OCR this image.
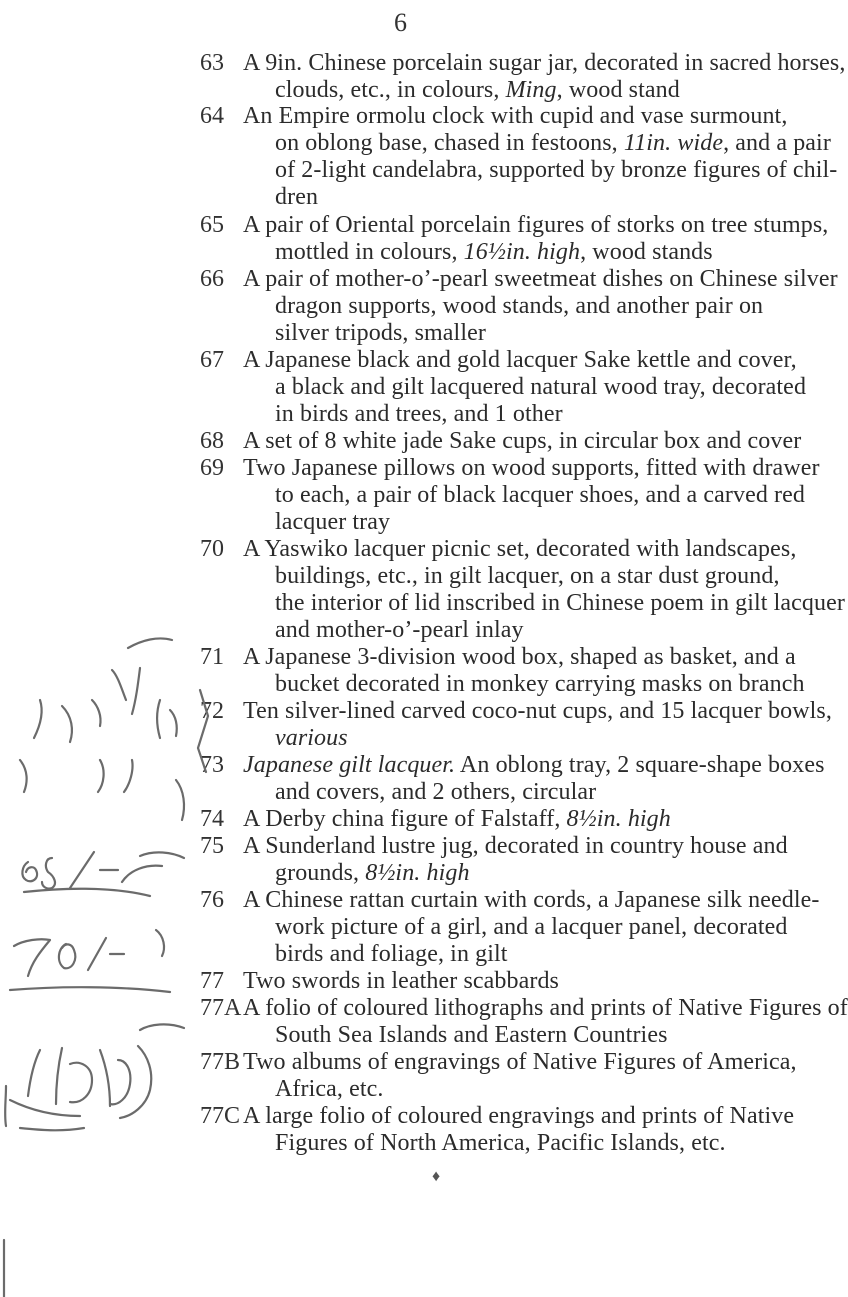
6
63 A 9in. Chinese porcelain sugar jar, decorated in sacred horses,
clouds, etc., in colours, Ming, wood stand
64 An Empire ormolu clock with cupid and vase surmount,
on oblong base, chased in festoons, 11in. wide, and a pair
of 2-light candelabra, supported by bronze figures of chil-
dren
65 A pair of Oriental porcelain figures of storks on tree stumps,
mottled in colours, 16½in. high, wood stands
66 A pair of mother-o’-pearl sweetmeat dishes on Chinese silver
dragon supports, wood stands, and another pair on
silver tripods, smaller
67 A Japanese black and gold lacquer Sake kettle and cover,
a black and gilt lacquered natural wood tray, decorated
in birds and trees, and 1 other
68 A set of 8 white jade Sake cups, in circular box and cover
69 Two Japanese pillows on wood supports, fitted with drawer
to each, a pair of black lacquer shoes, and a carved red
lacquer tray
70 A Yaswiko lacquer picnic set, decorated with landscapes,
buildings, etc., in gilt lacquer, on a star dust ground,
the interior of lid inscribed in Chinese poem in gilt lacquer
and mother-o’-pearl inlay
71 A Japanese 3-division wood box, shaped as basket, and a
bucket decorated in monkey carrying masks on branch
72 Ten silver-lined carved coco-nut cups, and 15 lacquer bowls,
various
73 Japanese gilt lacquer. An oblong tray, 2 square-shape boxes
and covers, and 2 others, circular
74 A Derby china figure of Falstaff, 8½in. high
75 A Sunderland lustre jug, decorated in country house and
grounds, 8½in. high
76 A Chinese rattan curtain with cords, a Japanese silk needle-
work picture of a girl, and a lacquer panel, decorated
birds and foliage, in gilt
77 Two swords in leather scabbards
77A A folio of coloured lithographs and prints of Native Figures of
South Sea Islands and Eastern Countries
77B Two albums of engravings of Native Figures of America,
Africa, etc.
77C A large folio of coloured engravings and prints of Native
Figures of North America, Pacific Islands, etc.
♦
